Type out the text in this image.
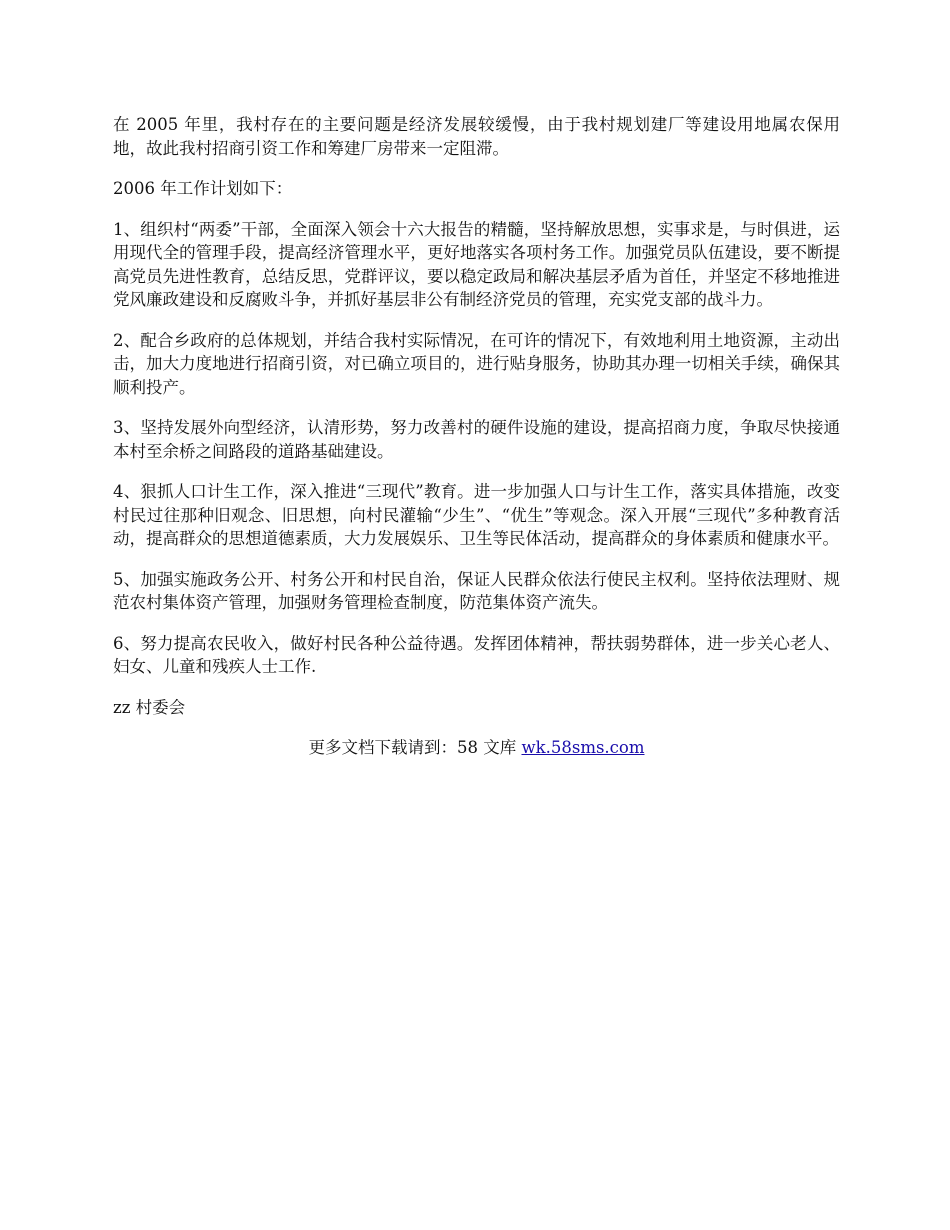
在 2005 年里，我村存在的主要问题是经济发展较缓慢，由于我村规划建厂等建设用地属农保用地，故此我村招商引资工作和筹建厂房带来一定阻滞。

2006 年工作计划如下：

1、组织村“两委”干部，全面深入领会十六大报告的精髓，坚持解放思想，实事求是，与时俱进，运用现代全的管理手段，提高经济管理水平，更好地落实各项村务工作。加强党员队伍建设，要不断提高党员先进性教育，总结反思，党群评议，要以稳定政局和解决基层矛盾为首任，并坚定不移地推进党风廉政建设和反腐败斗争，并抓好基层非公有制经济党员的管理，充实党支部的战斗力。

2、配合乡政府的总体规划，并结合我村实际情况，在可许的情况下，有效地利用土地资源，主动出击，加大力度地进行招商引资，对已确立项目的，进行贴身服务，协助其办理一切相关手续，确保其顺利投产。

3、坚持发展外向型经济，认清形势，努力改善村的硬件设施的建设，提高招商力度，争取尽快接通本村至余桥之间路段的道路基础建设。

4、狠抓人口计生工作，深入推进“三现代”教育。进一步加强人口与计生工作，落实具体措施，改变村民过往那种旧观念、旧思想，向村民灌输“少生”、“优生”等观念。深入开展“三现代”多种教育活动，提高群众的思想道德素质，大力发展娱乐、卫生等民体活动，提高群众的身体素质和健康水平。

5、加强实施政务公开、村务公开和村民自治，保证人民群众依法行使民主权利。坚持依法理财、规范农村集体资产管理，加强财务管理检查制度，防范集体资产流失。

6、努力提高农民收入，做好村民各种公益待遇。发挥团体精神，帮扶弱势群体，进一步关心老人、妇女、儿童和残疾人士工作.

zz 村委会

更多文档下载请到：58 文库 wk.58sms.com
